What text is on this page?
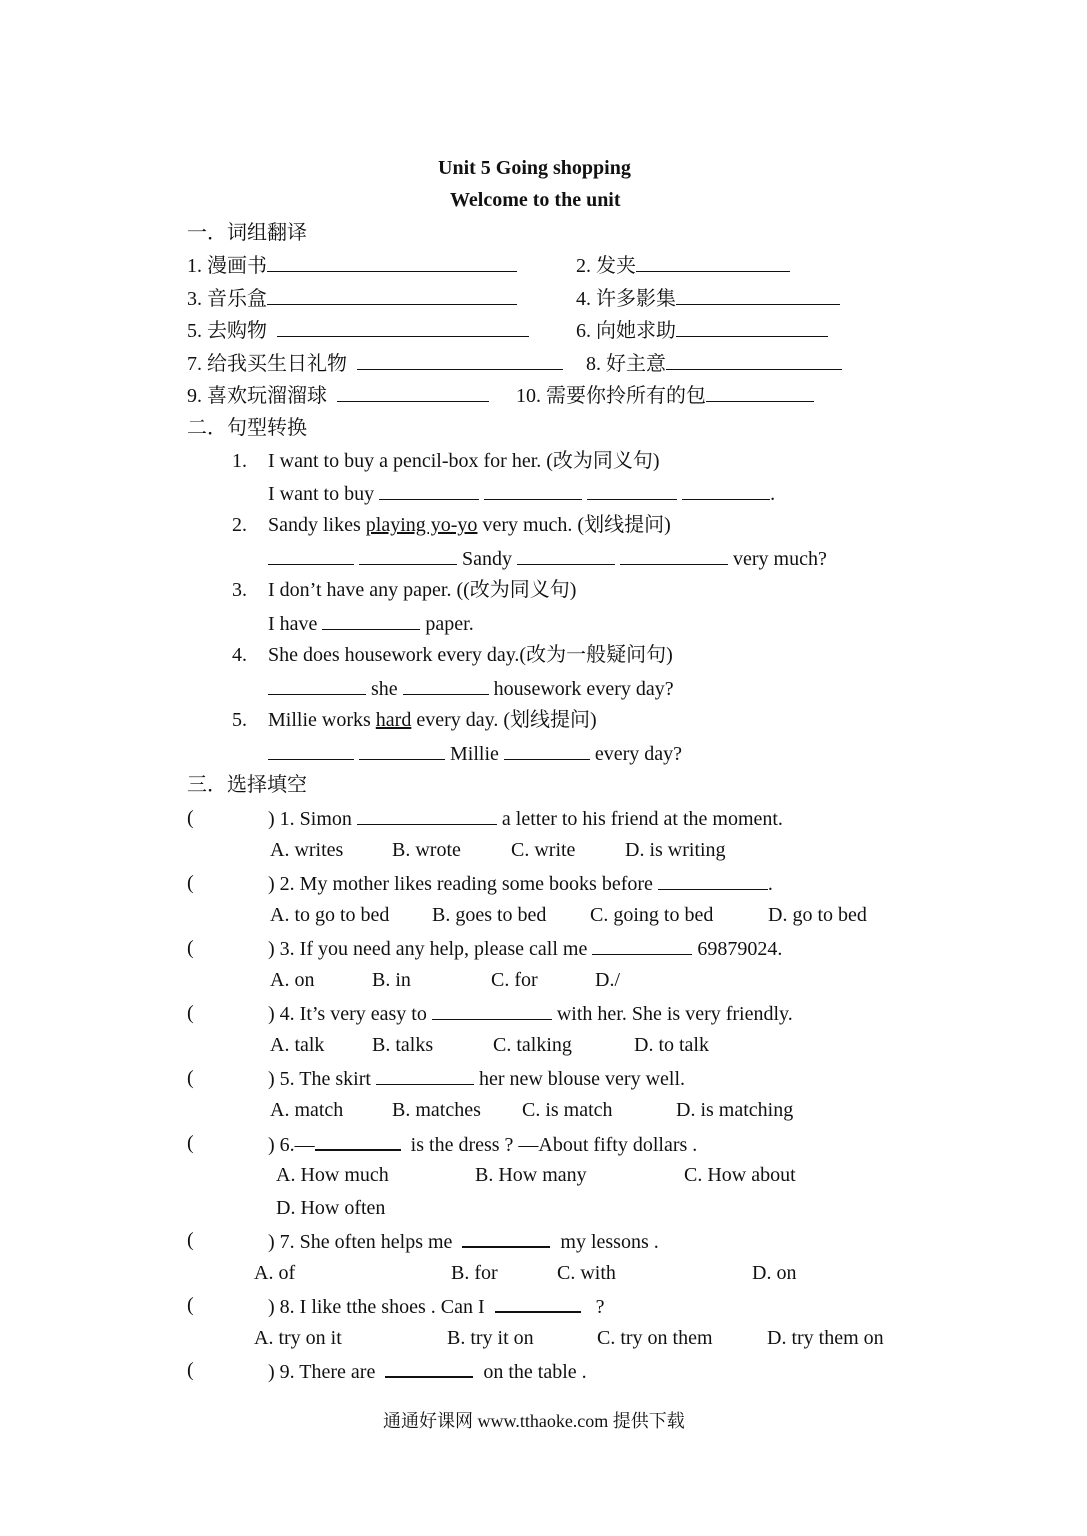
Unit 5 Going shopping
Welcome to the unit
一．词组翻译
1. 漫画书	2. 发夹
3. 音乐盒	4. 许多影集
5. 去购物	6. 向她求助
7. 给我买生日礼物	8. 好主意
9. 喜欢玩溜溜球	10. 需要你拎所有的包
二．句型转换
1. I want to buy a pencil-box for her. (改为同义句)
I want to buy	.
2. Sandy likes playing yo-yo very much. (划线提问)
Sandy	very much?
3. I don’t have any paper. ((改为同义句)
I have	paper.
4. She does housework every day.(改为一般疑问句)
she	housework every day?
5. Millie works hard every day. (划线提问)
Millie	every day?
三．选择填空
(	) 1. Simon	a letter to his friend at the moment.
A. writes B. wrote	C. write D. is writing
(	) 2. My mother likes reading some books before	.
A. to go to bed B. goes to bed C. going to bed	D. go to bed
(	) 3. If you need any help, please call me	69879024.
A. on	B. in	C. for	D./
(	) 4. It’s very easy to	with her. She is very friendly.
A. talk B. talks	C. talking	D. to talk
(	) 5. The skirt	her new blouse very well.
A. match B. matches C. is match	D. is matching
(	) 6.—	is the dress ? —About fifty dollars .
A. How much	B. How many	C. How about
D. How often
(	) 7. She often helps me	my lessons .
A. of	B. for	C. with	D. on
(	) 8. I like tthe shoes . Can I	?
A. try on it	B. try it on	C. try on them	D. try them on
(	) 9. There are	on the table .
通通好课网 www.tthaoke.com 提供下载
